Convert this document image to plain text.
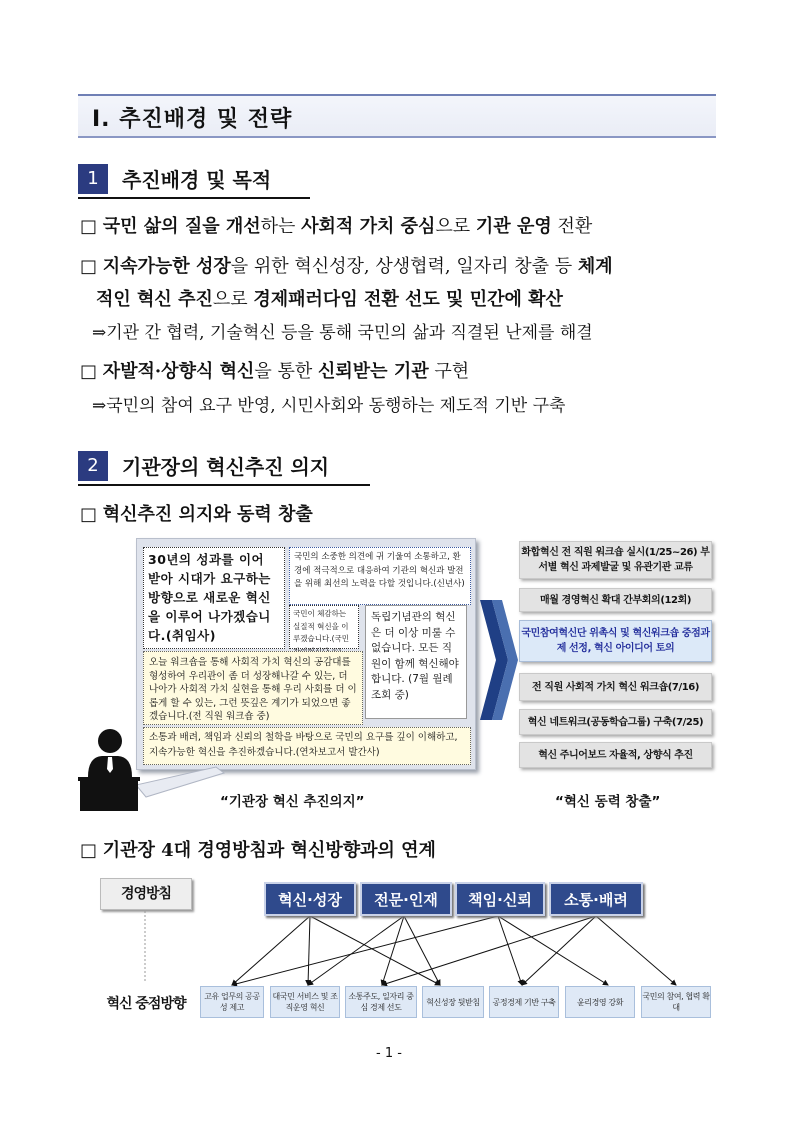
Ⅰ. 추진배경 및 전략
1	추진배경 및 목적
□ 국민 삶의 질을 개선하는 사회적 가치 중심으로 기관 운영 전환
□ 지속가능한 성장을 위한 혁신성장, 상생협력, 일자리 창출 등 체계
적인 혁신 추진으로 경제패러다임 전환 선도 및 민간에 확산
⇒기관 간 협력, 기술혁신 등을 통해 국민의 삶과 직결된 난제를 해결
□ 자발적·상향식 혁신을 통한 신뢰받는 기관 구현
⇒국민의 참여 요구 반영, 시민사회와 동행하는 제도적 기반 구축
2	기관장의 혁신추진 의지
□ 혁신추진 의지와 동력 창출
30년의 성과를 이어 받아 시대가 요구하는 방향으로 새로운 혁신을 이루어 나가겠습니다.(취임사)
국민의 소중한 의견에 귀 기울여 소통하고, 환경에 적극적으로 대응하여 기관의 혁신과 발전을 위해 최선의 노력을 다할 것입니다.(신년사)
국민이 체감하는 실질적 혁신을 이루겠습니다.(국민
독립기념관의 혁신은 더 이상 미룰 수 없습니다. 모든 직원이 함께 혁신해야 합니다. (7월 월례조회 중)
오늘 워크숍을 통해 사회적 가치 혁신의 공감대를 형성하여 우리관이 좀 더 성장해나갈 수 있는, 더 나아가 사회적 가치 실현을 통해 우리 사회를 더 이롭게 할 수 있는, 그런 뜻깊은 계기가 되었으면 좋겠습니다.(전 직원 워크숍 중)
소통과 배려, 책임과 신뢰의 철학을 바탕으로 국민의 요구를 깊이 이해하고, 지속가능한 혁신을 추진하겠습니다.(연차보고서 발간사)
화합혁신 전 직원 워크숍 실시(1/25~26) 부서별 혁신 과제발굴 및 유관기관 교류
매월 경영혁신 확대 간부회의(12회)
국민참여혁신단 위촉식 및 혁신워크숍 중점과제 선정, 혁신 아이디어 토의
전 직원 사회적 가치 혁신 워크숍(7/16)
혁신 네트워크(공동학습그룹) 구축(7/25)
혁신 주니어보드 자율적, 상향식 추진
“기관장 혁신 추진의지”	“혁신 동력 창출”
□ 기관장 4대 경영방침과 혁신방향과의 연계
경영방침
혁신 중점방향
혁신·성장	전문·인재	책임·신뢰	소통·배려
고유 업무의 공공성 제고
대국민 서비스 및 조직운영 혁신
소통주도, 일자리 중심 경제 선도
혁신성장 뒷받침	공정경제 기반 구축	윤리경영 강화
국민의 참여, 협력 확대
- 1 -
